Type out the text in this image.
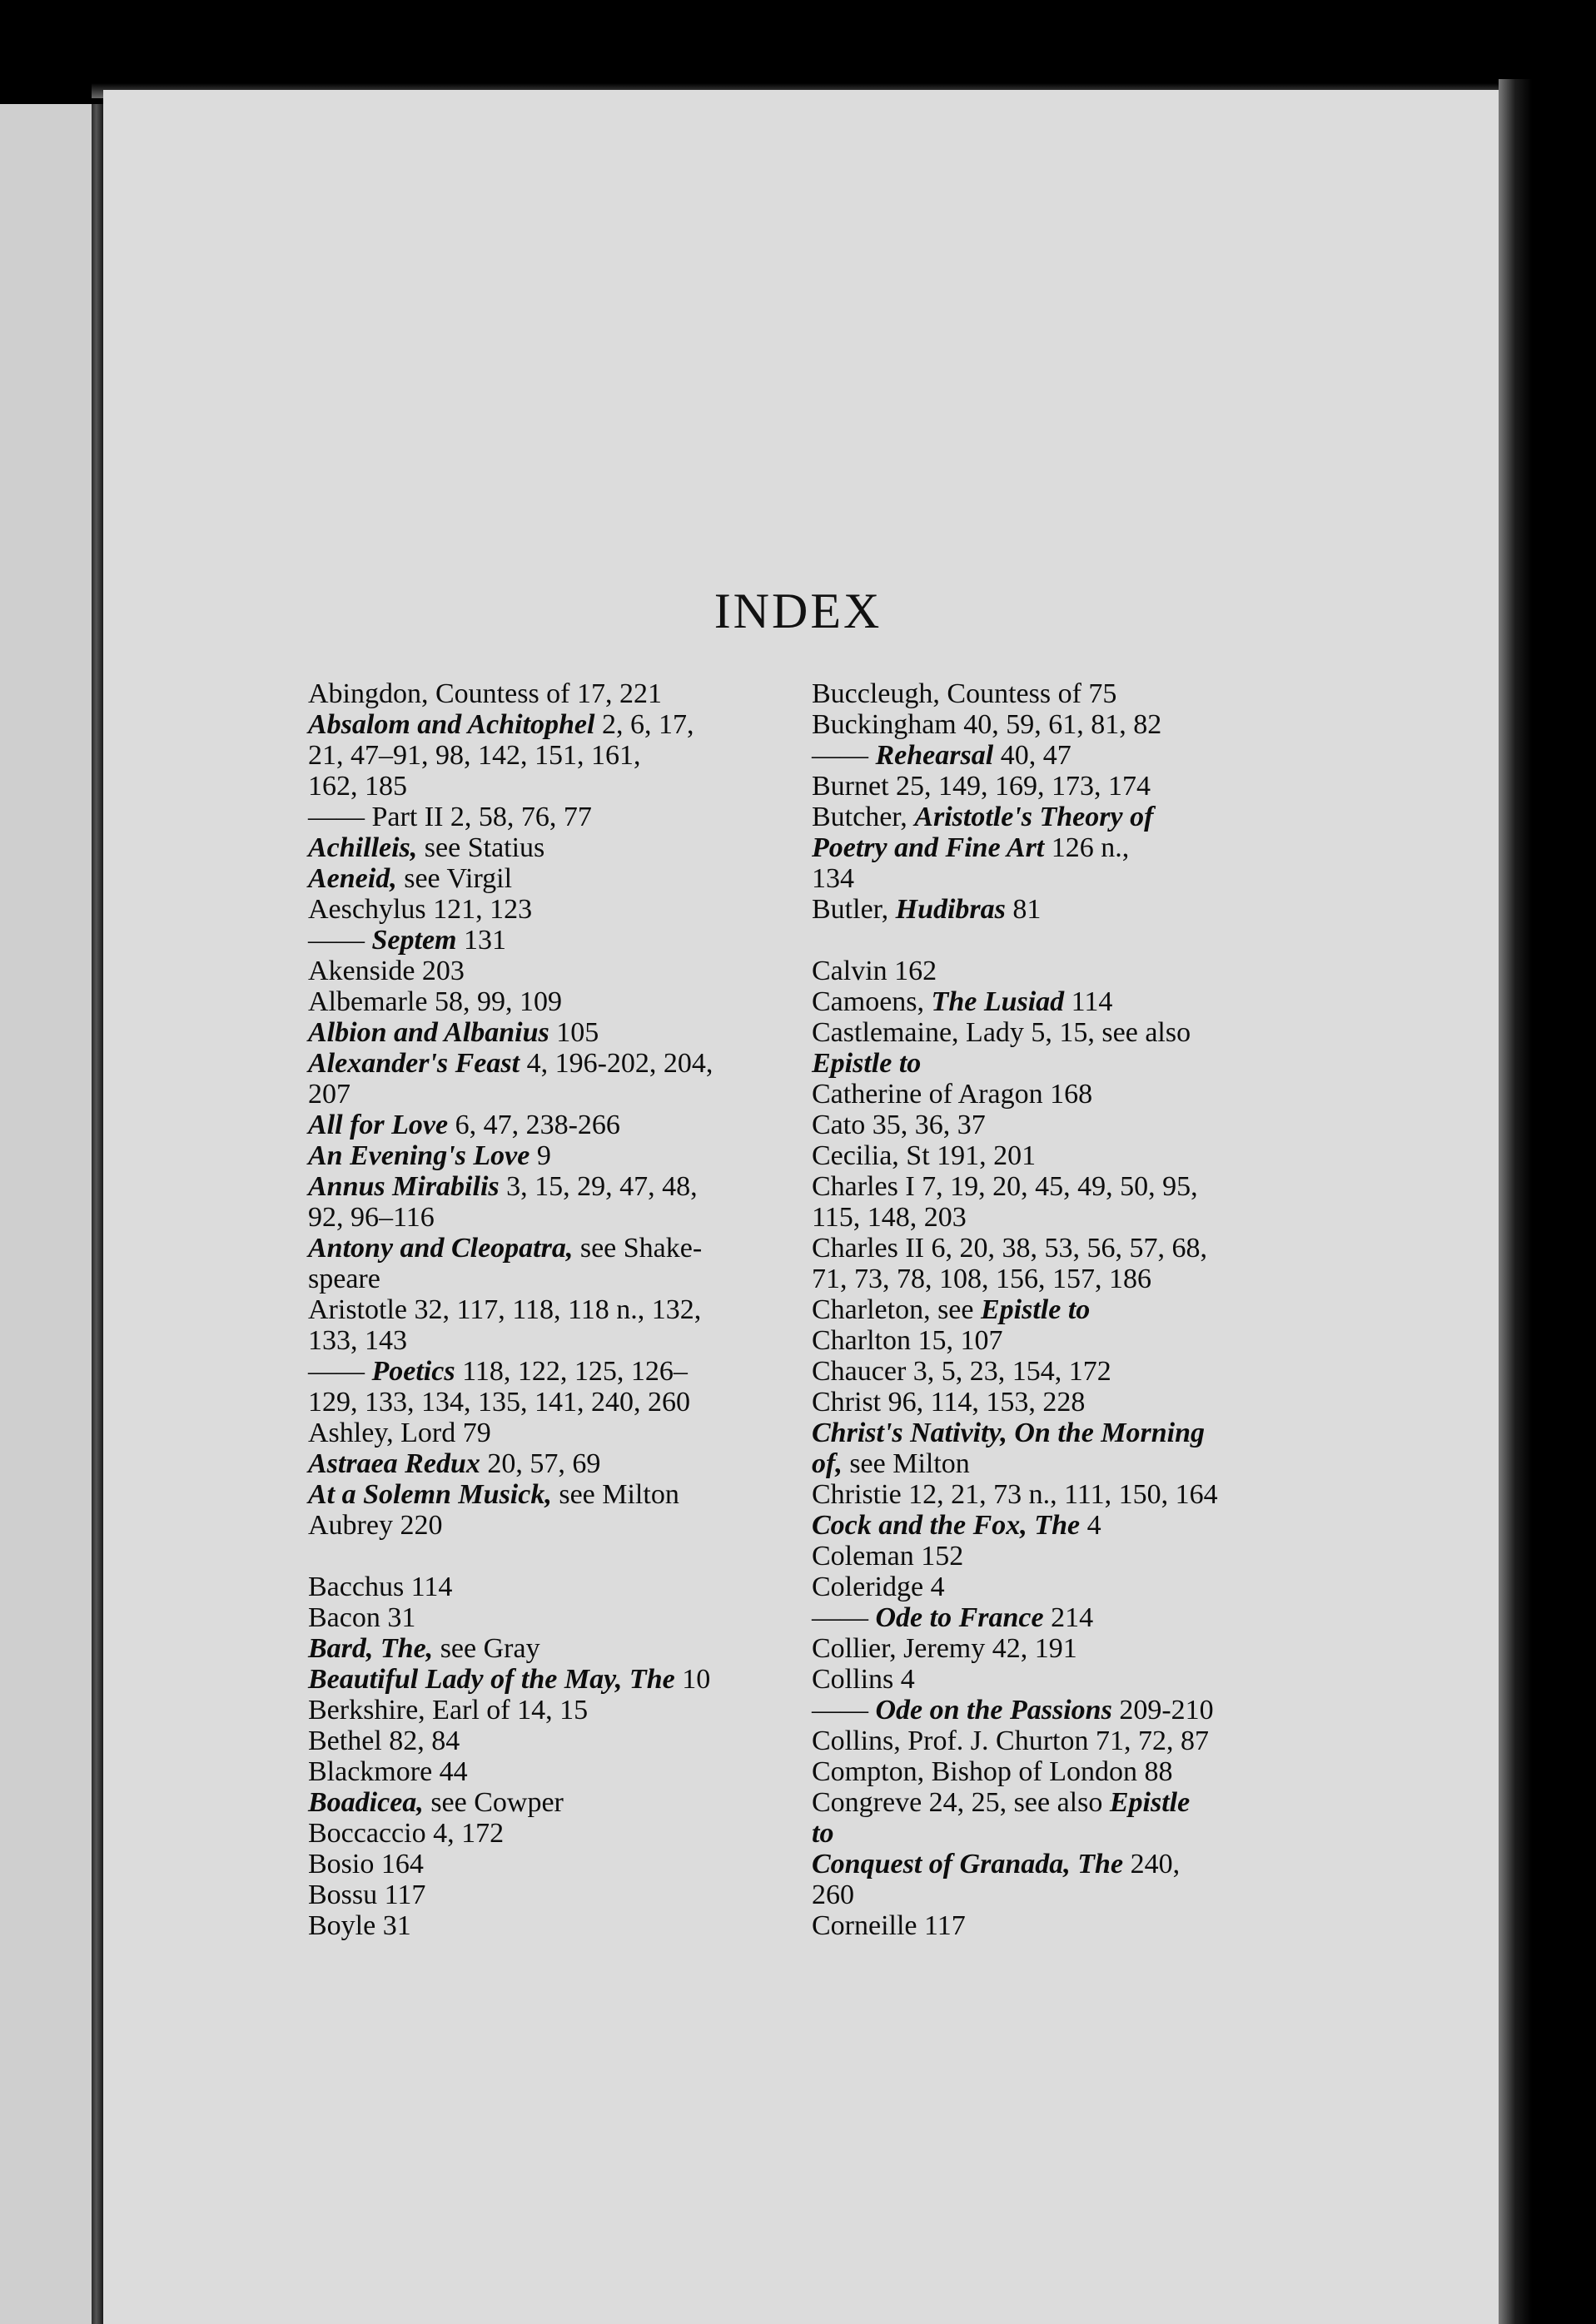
INDEX
Abingdon, Countess of 17, 221
Absalom and Achitophel 2, 6, 17,
21, 47–91, 98, 142, 151, 161,
162, 185
—— Part II 2, 58, 76, 77
Achilleis, see Statius
Aeneid, see Virgil
Aeschylus 121, 123
—— Septem 131
Akenside 203
Albemarle 58, 99, 109
Albion and Albanius 105
Alexander's Feast 4, 196-202, 204,
207
All for Love 6, 47, 238-266
An Evening's Love 9
Annus Mirabilis 3, 15, 29, 47, 48,
92, 96–116
Antony and Cleopatra, see Shake-
speare
Aristotle 32, 117, 118, 118 n., 132,
133, 143
—— Poetics 118, 122, 125, 126–
129, 133, 134, 135, 141, 240, 260
Ashley, Lord 79
Astraea Redux 20, 57, 69
At a Solemn Musick, see Milton
Aubrey 220
Bacchus 114
Bacon 31
Bard, The, see Gray
Beautiful Lady of the May, The 10
Berkshire, Earl of 14, 15
Bethel 82, 84
Blackmore 44
Boadicea, see Cowper
Boccaccio 4, 172
Bosio 164
Bossu 117
Boyle 31
Buccleugh, Countess of 75
Buckingham 40, 59, 61, 81, 82
—— Rehearsal 40, 47
Burnet 25, 149, 169, 173, 174
Butcher, Aristotle's Theory of
Poetry and Fine Art 126 n.,
134
Butler, Hudibras 81
Calvin 162
Camoens, The Lusiad 114
Castlemaine, Lady 5, 15, see also
Epistle to
Catherine of Aragon 168
Cato 35, 36, 37
Cecilia, St 191, 201
Charles I 7, 19, 20, 45, 49, 50, 95,
115, 148, 203
Charles II 6, 20, 38, 53, 56, 57, 68,
71, 73, 78, 108, 156, 157, 186
Charleton, see Epistle to
Charlton 15, 107
Chaucer 3, 5, 23, 154, 172
Christ 96, 114, 153, 228
Christ's Nativity, On the Morning
of, see Milton
Christie 12, 21, 73 n., 111, 150, 164
Cock and the Fox, The 4
Coleman 152
Coleridge 4
—— Ode to France 214
Collier, Jeremy 42, 191
Collins 4
—— Ode on the Passions 209-210
Collins, Prof. J. Churton 71, 72, 87
Compton, Bishop of London 88
Congreve 24, 25, see also Epistle
to
Conquest of Granada, The 240,
260
Corneille 117
